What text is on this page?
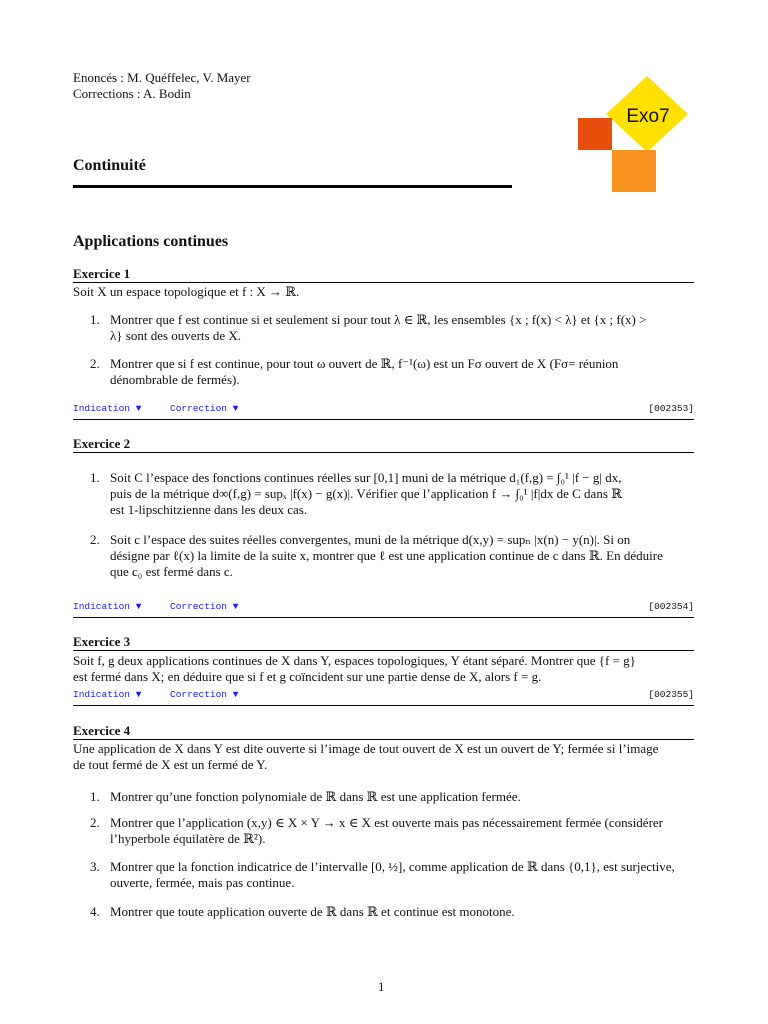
Enoncés : M. Quéffelec, V. Mayer
Corrections : A. Bodin
Exo7
Continuité
Applications continues
Exercice 1
Soit X un espace topologique et f : X → ℝ.
1. Montrer que f est continue si et seulement si pour tout λ ∈ ℝ, les ensembles {x ; f(x) < λ} et {x ; f(x) >
λ} sont des ouverts de X.
2. Montrer que si f est continue, pour tout ω ouvert de ℝ, f⁻¹(ω) est un Fσ ouvert de X (Fσ= réunion
dénombrable de fermés).
Indication ▼	Correction ▼	[002353]
Exercice 2
1. Soit C l’espace des fonctions continues réelles sur [0,1] muni de la métrique d₁(f,g) = ∫₀¹ |f − g| dx,
puis de la métrique d∞(f,g) = supₓ |f(x) − g(x)|. Vérifier que l’application f → ∫₀¹ |f|dx de C dans ℝ
est 1-lipschitzienne dans les deux cas.
2. Soit c l’espace des suites réelles convergentes, muni de la métrique d(x,y) = supₙ |x(n) − y(n)|. Si on
désigne par ℓ(x) la limite de la suite x, montrer que ℓ est une application continue de c dans ℝ. En déduire
que c₀ est fermé dans c.
Indication ▼	Correction ▼	[002354]
Exercice 3
Soit f, g deux applications continues de X dans Y, espaces topologiques, Y étant séparé. Montrer que {f = g}
est fermé dans X; en déduire que si f et g coïncident sur une partie dense de X, alors f = g.
Indication ▼	Correction ▼	[002355]
Exercice 4
Une application de X dans Y est dite ouverte si l’image de tout ouvert de X est un ouvert de Y; fermée si l’image
de tout fermé de X est un fermé de Y.
1. Montrer qu’une fonction polynomiale de ℝ dans ℝ est une application fermée.
2. Montrer que l’application (x,y) ∈ X × Y → x ∈ X est ouverte mais pas nécessairement fermée (considérer
l’hyperbole équilatère de ℝ²).
3. Montrer que la fonction indicatrice de l’intervalle [0, ½], comme application de ℝ dans {0,1}, est surjective,
ouverte, fermée, mais pas continue.
4. Montrer que toute application ouverte de ℝ dans ℝ et continue est monotone.
1
